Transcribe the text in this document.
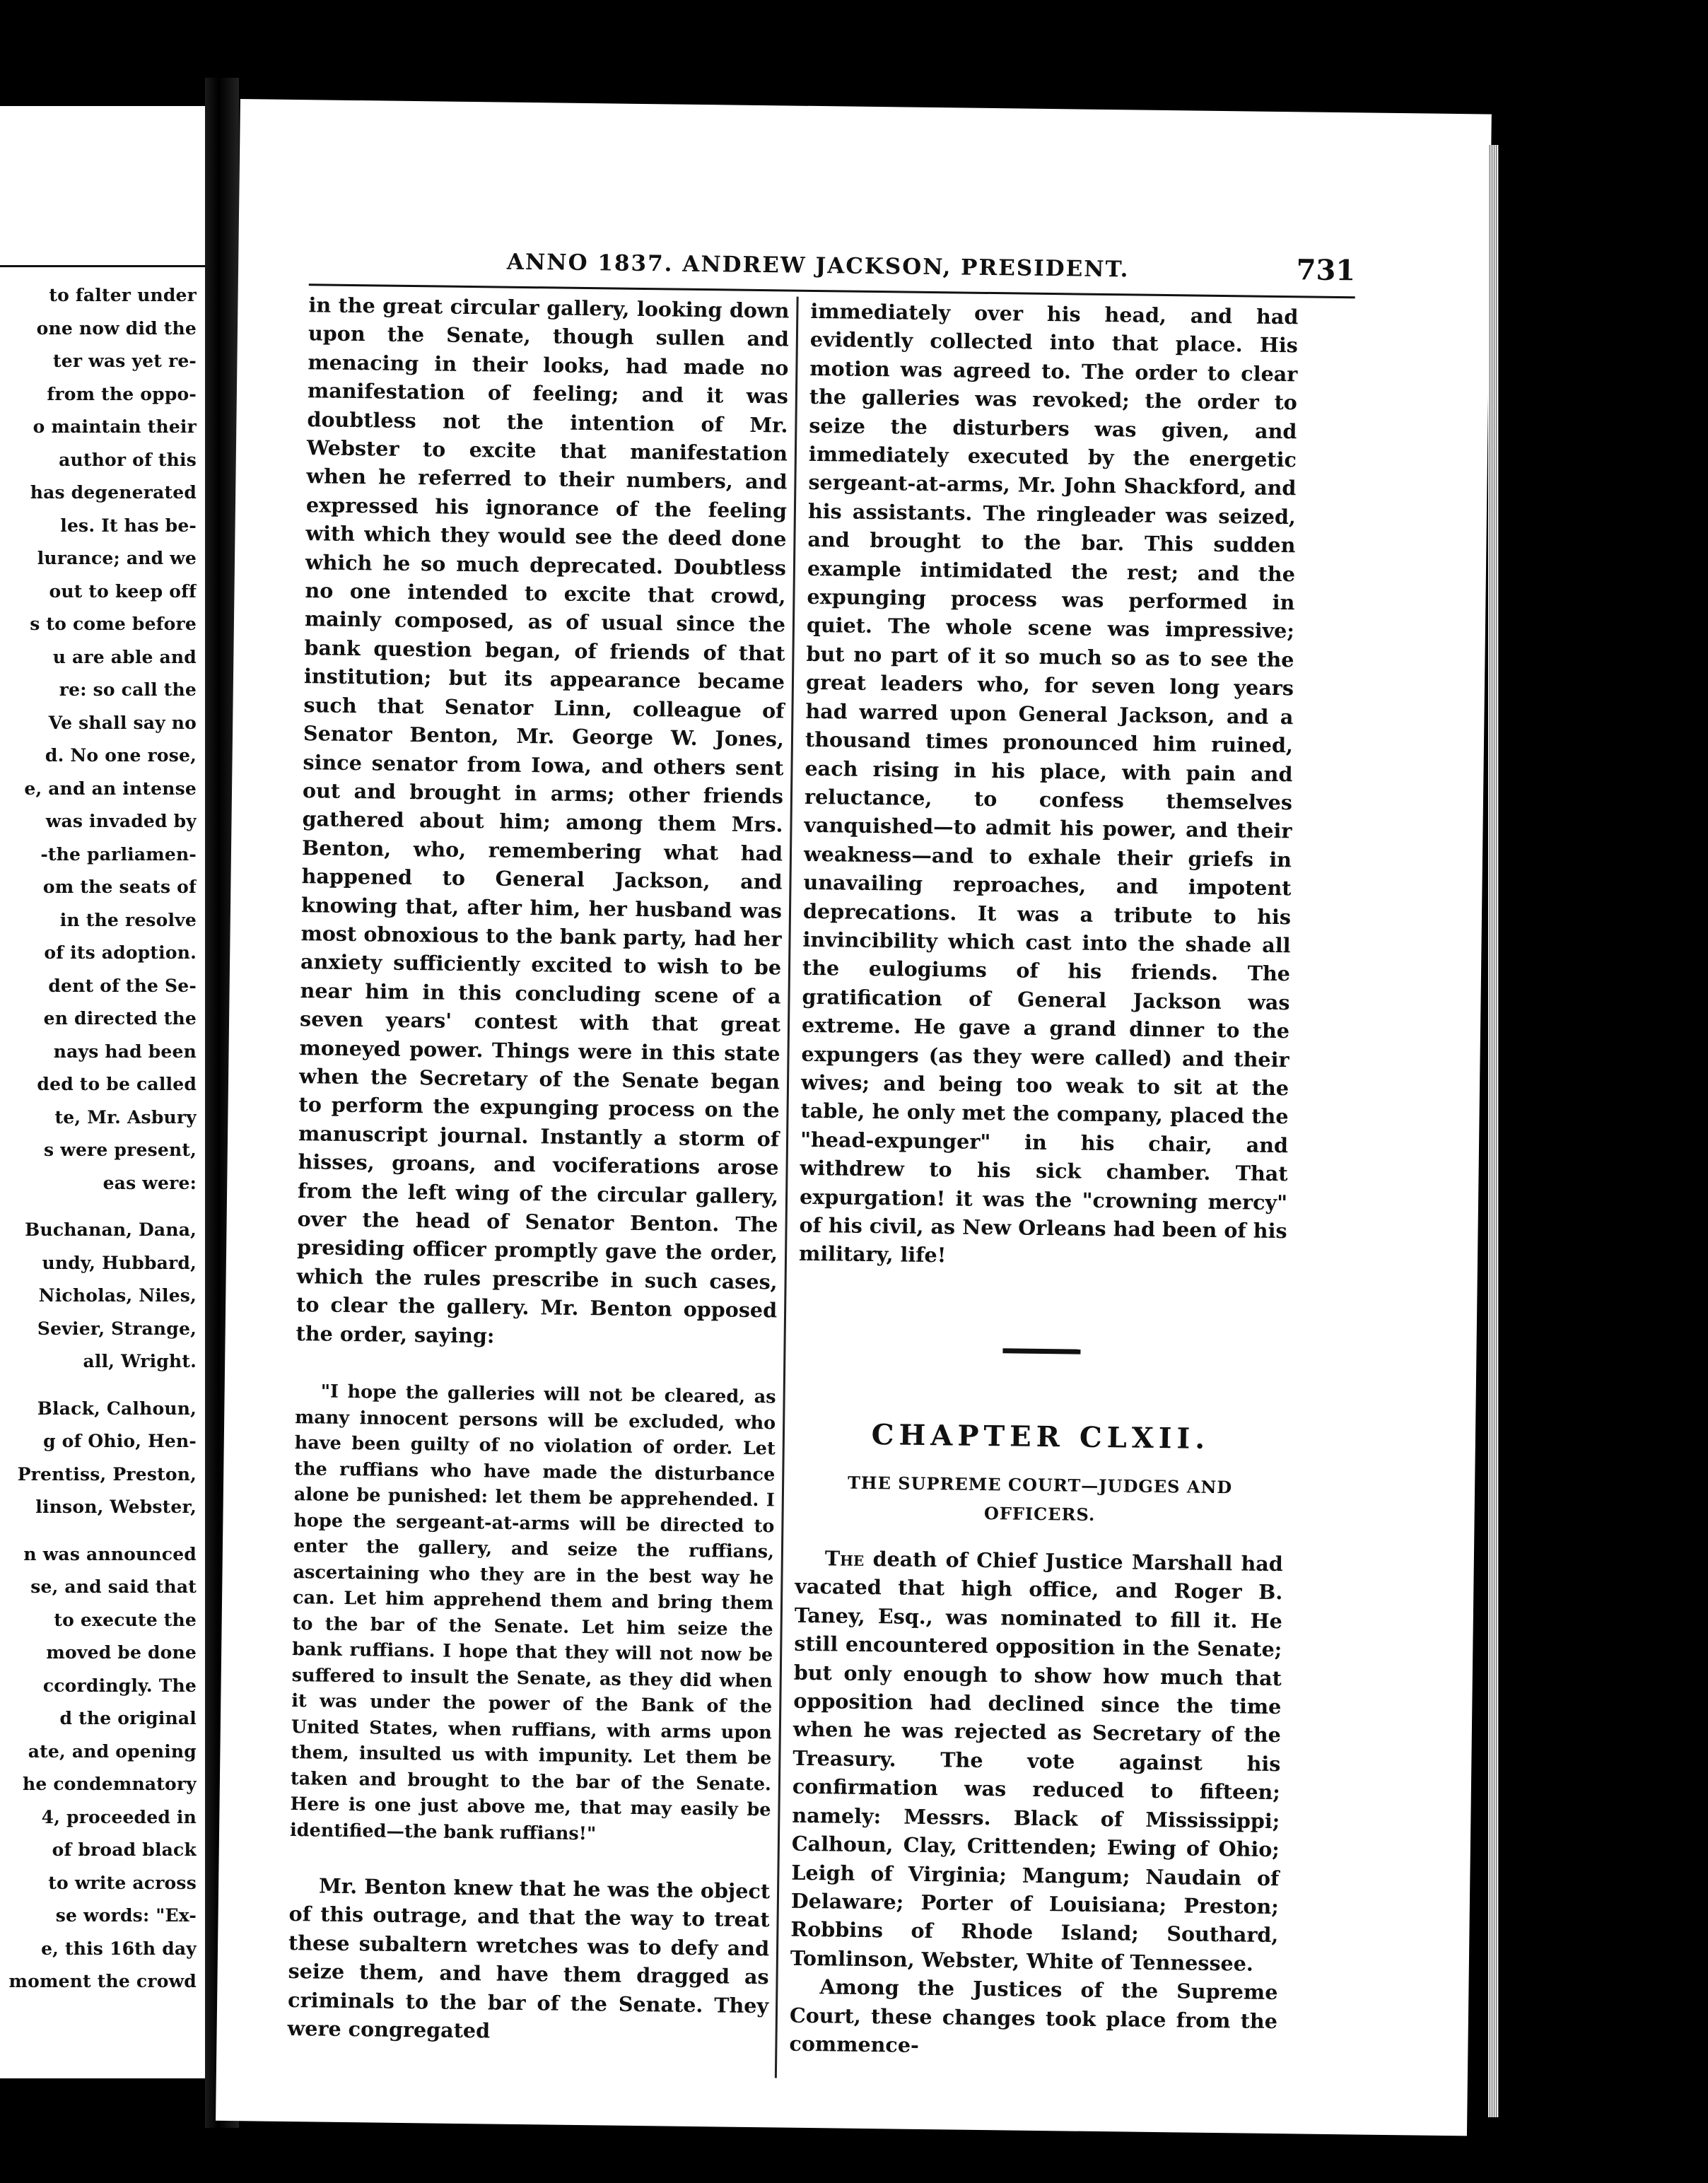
to falter under
one now did the
ter was yet re-
from the oppo-
o maintain their
author of this
has degenerated
les. It has be-
lurance; and we
out to keep off
s to come before
u are able and
re: so call the
Ve shall say no
d. No one rose,
e, and an intense
was invaded by
-the parliamen-
om the seats of
in the resolve
of its adoption.
dent of the Se-
en directed the
nays had been
ded to be called
te, Mr. Asbury
s were present,
eas were:
Buchanan, Dana,
undy, Hubbard,
Nicholas, Niles,
Sevier, Strange,
all, Wright.
Black, Calhoun,
g of Ohio, Hen-
Prentiss, Preston,
linson, Webster,
n was announced
se, and said that
to execute the
moved be done
ccordingly. The
d the original
ate, and opening
he condemnatory
4, proceeded in
of broad black
to write across
se words: "Ex-
e, this 16th day
moment the crowd
ANNO 1837. ANDREW JACKSON, PRESIDENT.	731

in the great circular gallery, looking down upon the Senate, though sullen and menacing in their looks, had made no manifestation of feeling; and it was doubtless not the intention of Mr. Webster to excite that manifestation when he referred to their numbers, and expressed his ignorance of the feeling with which they would see the deed done which he so much deprecated. Doubtless no one intended to excite that crowd, mainly composed, as of usual since the bank question began, of friends of that institution; but its appearance became such that Senator Linn, colleague of Senator Benton, Mr. George W. Jones, since senator from Iowa, and others sent out and brought in arms; other friends gathered about him; among them Mrs. Benton, who, remembering what had happened to General Jackson, and knowing that, after him, her husband was most obnoxious to the bank party, had her anxiety sufficiently excited to wish to be near him in this concluding scene of a seven years' contest with that great moneyed power. Things were in this state when the Secretary of the Senate began to perform the expunging process on the manuscript journal. Instantly a storm of hisses, groans, and vociferations arose from the left wing of the circular gallery, over the head of Senator Benton. The presiding officer promptly gave the order, which the rules prescribe in such cases, to clear the gallery. Mr. Benton opposed the order, saying:

"I hope the galleries will not be cleared, as many innocent persons will be excluded, who have been guilty of no violation of order. Let the ruffians who have made the disturbance alone be punished: let them be apprehended. I hope the sergeant-at-arms will be directed to enter the gallery, and seize the ruffians, ascertaining who they are in the best way he can. Let him apprehend them and bring them to the bar of the Senate. Let him seize the bank ruffians. I hope that they will not now be suffered to insult the Senate, as they did when it was under the power of the Bank of the United States, when ruffians, with arms upon them, insulted us with impunity. Let them be taken and brought to the bar of the Senate. Here is one just above me, that may easily be identified—the bank ruffians!"

Mr. Benton knew that he was the object of this outrage, and that the way to treat these subaltern wretches was to defy and seize them, and have them dragged as criminals to the bar of the Senate. They were congregated

immediately over his head, and had evidently collected into that place. His motion was agreed to. The order to clear the galleries was revoked; the order to seize the disturbers was given, and immediately executed by the energetic sergeant-at-arms, Mr. John Shackford, and his assistants. The ringleader was seized, and brought to the bar. This sudden example intimidated the rest; and the expunging process was performed in quiet. The whole scene was impressive; but no part of it so much so as to see the great leaders who, for seven long years had warred upon General Jackson, and a thousand times pronounced him ruined, each rising in his place, with pain and reluctance, to confess themselves vanquished—to admit his power, and their weakness—and to exhale their griefs in unavailing reproaches, and impotent deprecations. It was a tribute to his invincibility which cast into the shade all the eulogiums of his friends. The gratification of General Jackson was extreme. He gave a grand dinner to the expungers (as they were called) and their wives; and being too weak to sit at the table, he only met the company, placed the "head-expunger" in his chair, and withdrew to his sick chamber. That expurgation! it was the "crowning mercy" of his civil, as New Orleans had been of his military, life!

CHAPTER CLXII.
THE SUPREME COURT—JUDGES AND OFFICERS.

The death of Chief Justice Marshall had vacated that high office, and Roger B. Taney, Esq., was nominated to fill it. He still encountered opposition in the Senate; but only enough to show how much that opposition had declined since the time when he was rejected as Secretary of the Treasury. The vote against his confirmation was reduced to fifteen; namely: Messrs. Black of Mississippi; Calhoun, Clay, Crittenden; Ewing of Ohio; Leigh of Virginia; Mangum; Naudain of Delaware; Porter of Louisiana; Preston; Robbins of Rhode Island; Southard, Tomlinson, Webster, White of Tennessee.

Among the Justices of the Supreme Court, these changes took place from the commence-
